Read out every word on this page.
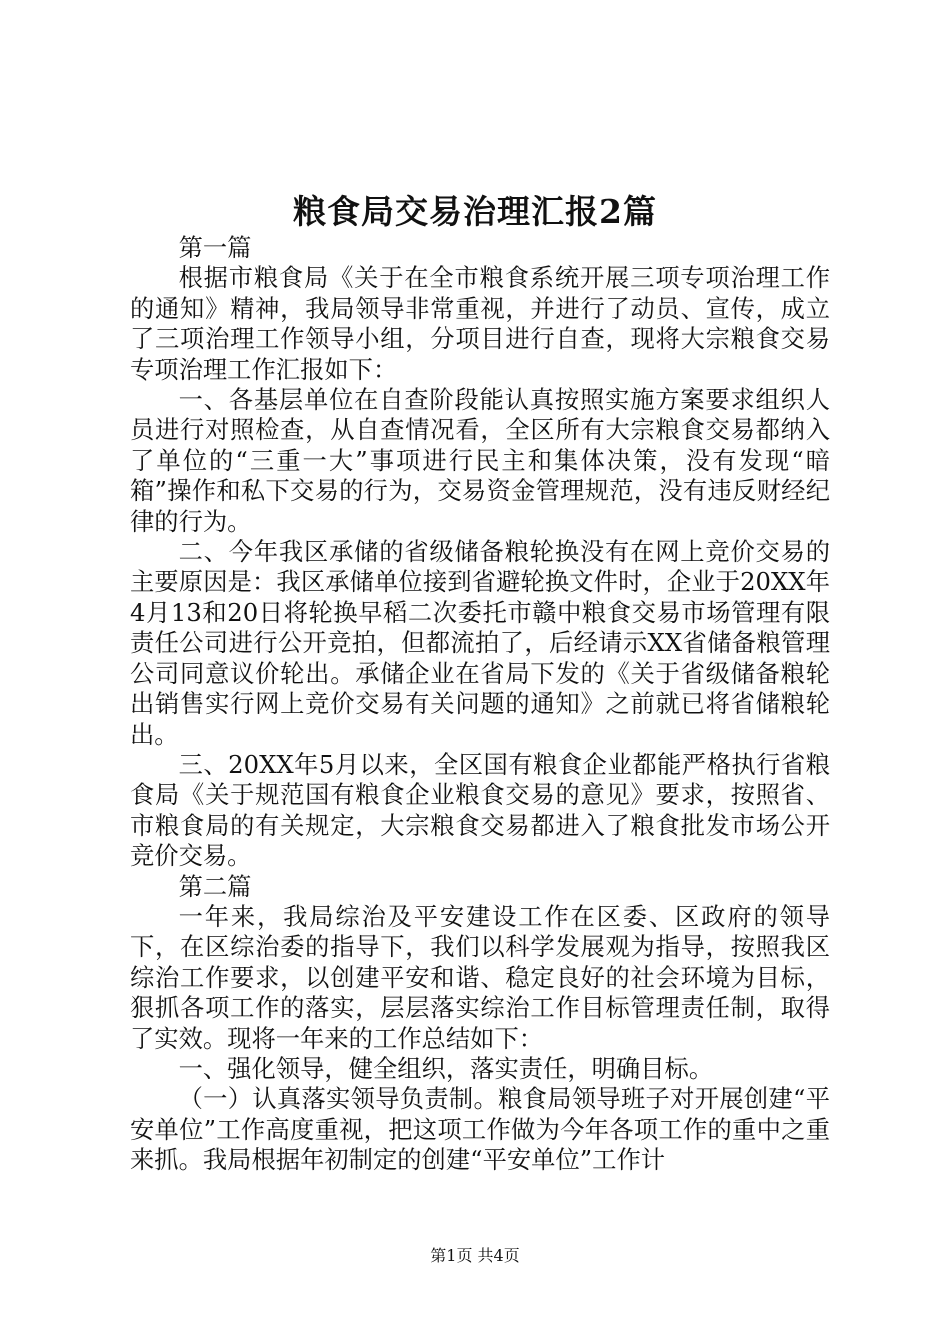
粮食局交易治理汇报2篇

第一篇

根据市粮食局《关于在全市粮食系统开展三项专项治理工作的通知》精神，我局领导非常重视，并进行了动员、宣传，成立了三项治理工作领导小组，分项目进行自查，现将大宗粮食交易专项治理工作汇报如下：

一、各基层单位在自查阶段能认真按照实施方案要求组织人员进行对照检查，从自查情况看，全区所有大宗粮食交易都纳入了单位的“三重一大”事项进行民主和集体决策，没有发现“暗箱”操作和私下交易的行为，交易资金管理规范，没有违反财经纪律的行为。

二、今年我区承储的省级储备粮轮换没有在网上竞价交易的主要原因是：我区承储单位接到省避轮换文件时，企业于20XX年4月13和20日将轮换早稻二次委托市赣中粮食交易市场管理有限责任公司进行公开竞拍，但都流拍了，后经请示XX省储备粮管理公司同意议价轮出。承储企业在省局下发的《关于省级储备粮轮出销售实行网上竞价交易有关问题的通知》之前就已将省储粮轮出。

三、20XX年5月以来，全区国有粮食企业都能严格执行省粮食局《关于规范国有粮食企业粮食交易的意见》要求，按照省、市粮食局的有关规定，大宗粮食交易都进入了粮食批发市场公开竞价交易。

第二篇

一年来，我局综治及平安建设工作在区委、区政府的领导下，在区综治委的指导下，我们以科学发展观为指导，按照我区综治工作要求，以创建平安和谐、稳定良好的社会环境为目标，狠抓各项工作的落实，层层落实综治工作目标管理责任制，取得了实效。现将一年来的工作总结如下：

一、强化领导，健全组织，落实责任，明确目标。

（一）认真落实领导负责制。粮食局领导班子对开展创建“平安单位”工作高度重视，把这项工作做为今年各项工作的重中之重来抓。我局根据年初制定的创建“平安单位”工作计

第1页 共4页
